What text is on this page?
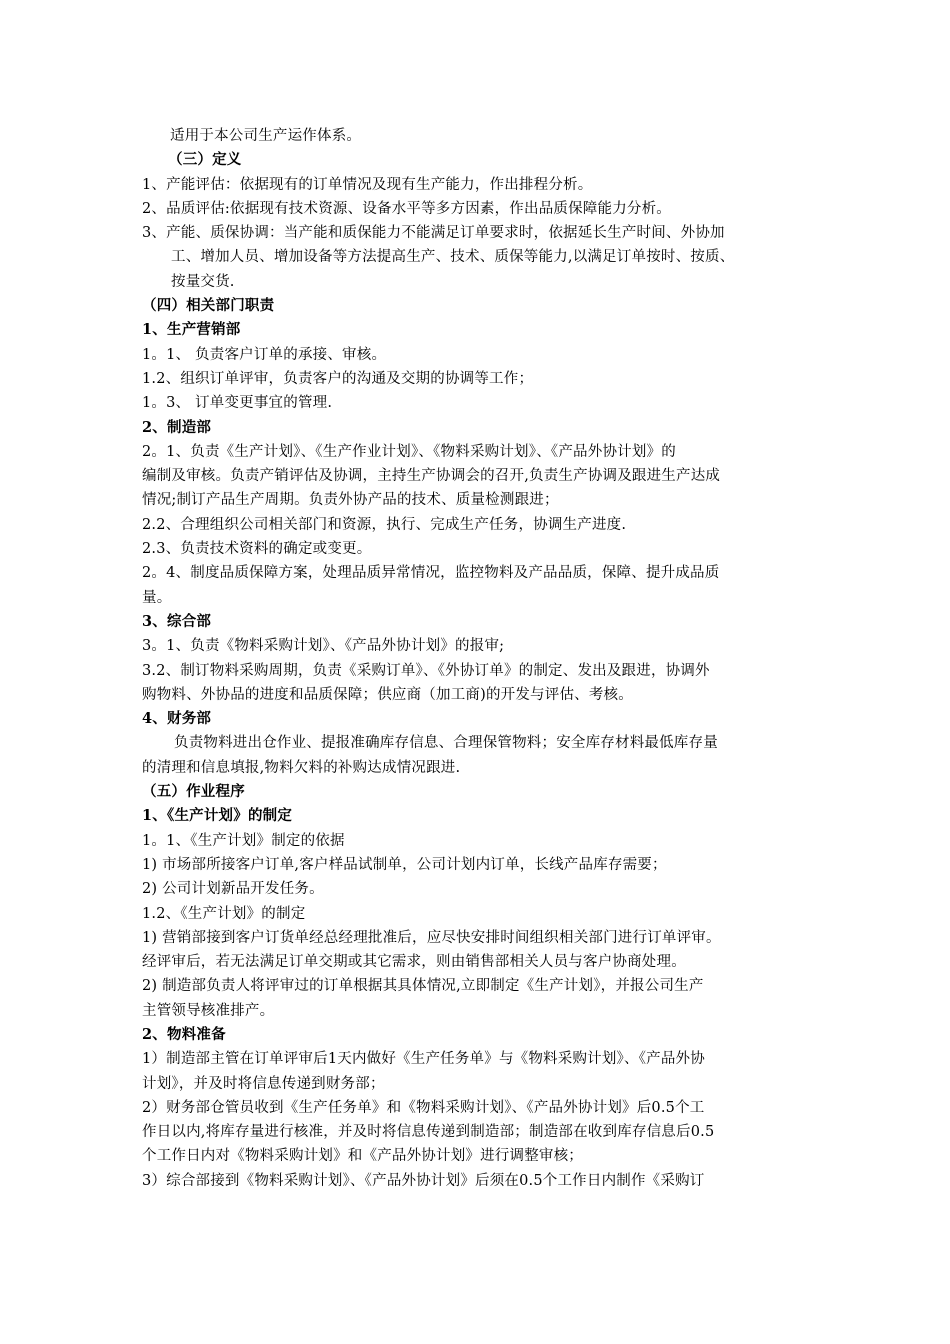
适用于本公司生产运作体系。
（三）定义
1、产能评估：依据现有的订单情况及现有生产能力，作出排程分析。
2、品质评估:依据现有技术资源、设备水平等多方因素，作出品质保障能力分析。
3、产能、质保协调：当产能和质保能力不能满足订单要求时，依据延长生产时间、外协加
工、增加人员、增加设备等方法提高生产、技术、质保等能力,以满足订单按时、按质、
按量交货.
（四）相关部门职责
1、生产营销部
1。1、 负责客户订单的承接、审核。
1.2、组织订单评审，负责客户的沟通及交期的协调等工作；
1。3、 订单变更事宜的管理.
2、制造部
2。1、负责《生产计划》、《生产作业计划》、《物料采购计划》、《产品外协计划》的
编制及审核。负责产销评估及协调，主持生产协调会的召开,负责生产协调及跟进生产达成
情况;制订产品生产周期。负责外协产品的技术、质量检测跟进；
2.2、合理组织公司相关部门和资源，执行、完成生产任务，协调生产进度.
2.3、负责技术资料的确定或变更。
2。4、制度品质保障方案，处理品质异常情况，监控物料及产品品质，保障、提升成品质
量。
3、综合部
3。1、负责《物料采购计划》、《产品外协计划》的报审;
3.2、制订物料采购周期，负责《采购订单》、《外协订单》的制定、发出及跟进，协调外
购物料、外协品的进度和品质保障；供应商（加工商)的开发与评估、考核。
4、财务部
负责物料进出仓作业、提报准确库存信息、合理保管物料；安全库存材料最低库存量
的清理和信息填报,物料欠料的补购达成情况跟进.
（五）作业程序
1、《生产计划》的制定
1。1、《生产计划》制定的依据
1) 市场部所接客户订单,客户样品试制单，公司计划内订单，长线产品库存需要；
2) 公司计划新品开发任务。
1.2、《生产计划》的制定
1) 营销部接到客户订货单经总经理批准后，应尽快安排时间组织相关部门进行订单评审。
经评审后，若无法满足订单交期或其它需求，则由销售部相关人员与客户协商处理。
2) 制造部负责人将评审过的订单根据其具体情况,立即制定《生产计划》，并报公司生产
主管领导核准排产。
2、物料准备
1）制造部主管在订单评审后1天内做好《生产任务单》与《物料采购计划》、《产品外协
计划》，并及时将信息传递到财务部；
2）财务部仓管员收到《生产任务单》和《物料采购计划》、《产品外协计划》后0.5个工
作日以内,将库存量进行核准，并及时将信息传递到制造部；制造部在收到库存信息后0.5
个工作日内对《物料采购计划》和《产品外协计划》进行调整审核；
3）综合部接到《物料采购计划》、《产品外协计划》后须在0.5个工作日内制作《采购订
